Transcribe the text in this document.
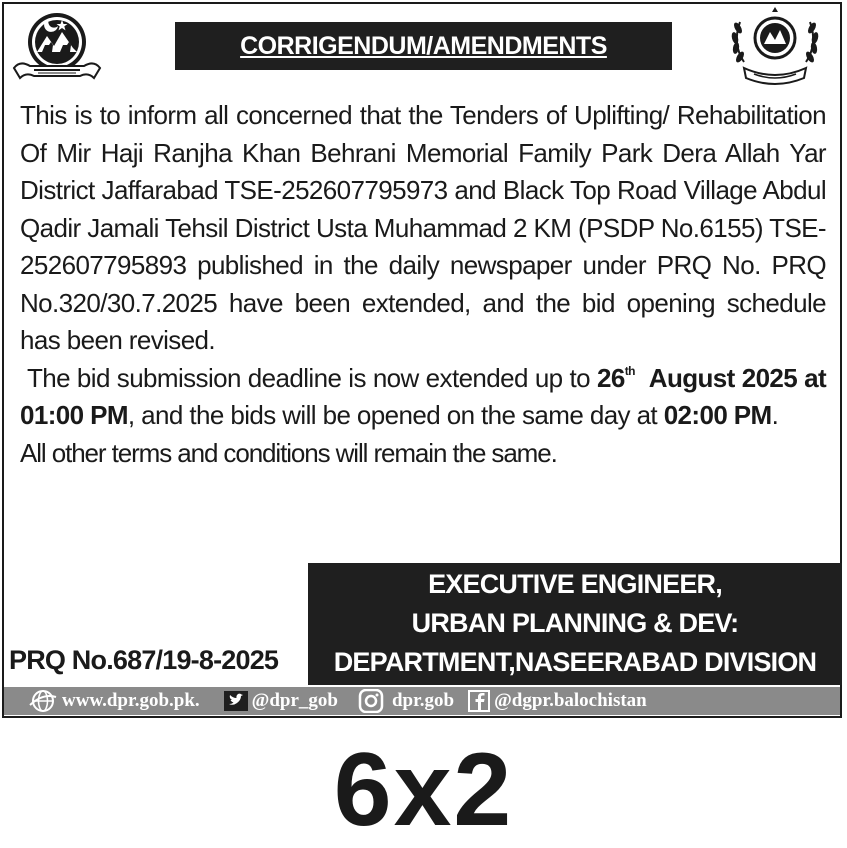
CORRIGENDUM/AMENDMENTS

This is to inform all concerned that the Tenders of Uplifting/ Rehabilitation Of Mir Haji Ranjha Khan Behrani Memorial Family Park Dera Allah Yar District Jaffarabad TSE-252607795973 and Black Top Road Village Abdul Qadir Jamali Tehsil District Usta Muhammad 2 KM (PSDP No.6155) TSE-252607795893 published in the daily newspaper under PRQ No. PRQ No.320/30.7.2025 have been extended, and the bid opening schedule has been revised.

The bid submission deadline is now extended up to 26th August 2025 at 01:00 PM, and the bids will be opened on the same day at 02:00 PM.

All other terms and conditions will remain the same.

EXECUTIVE ENGINEER,
URBAN PLANNING & DEV:
DEPARTMENT,NASEERABAD DIVISION
PRQ No.687/19-8-2025
www.dpr.gob.pk.	@dpr_gob	dpr.gob @dgpr.balochistan
6x2
